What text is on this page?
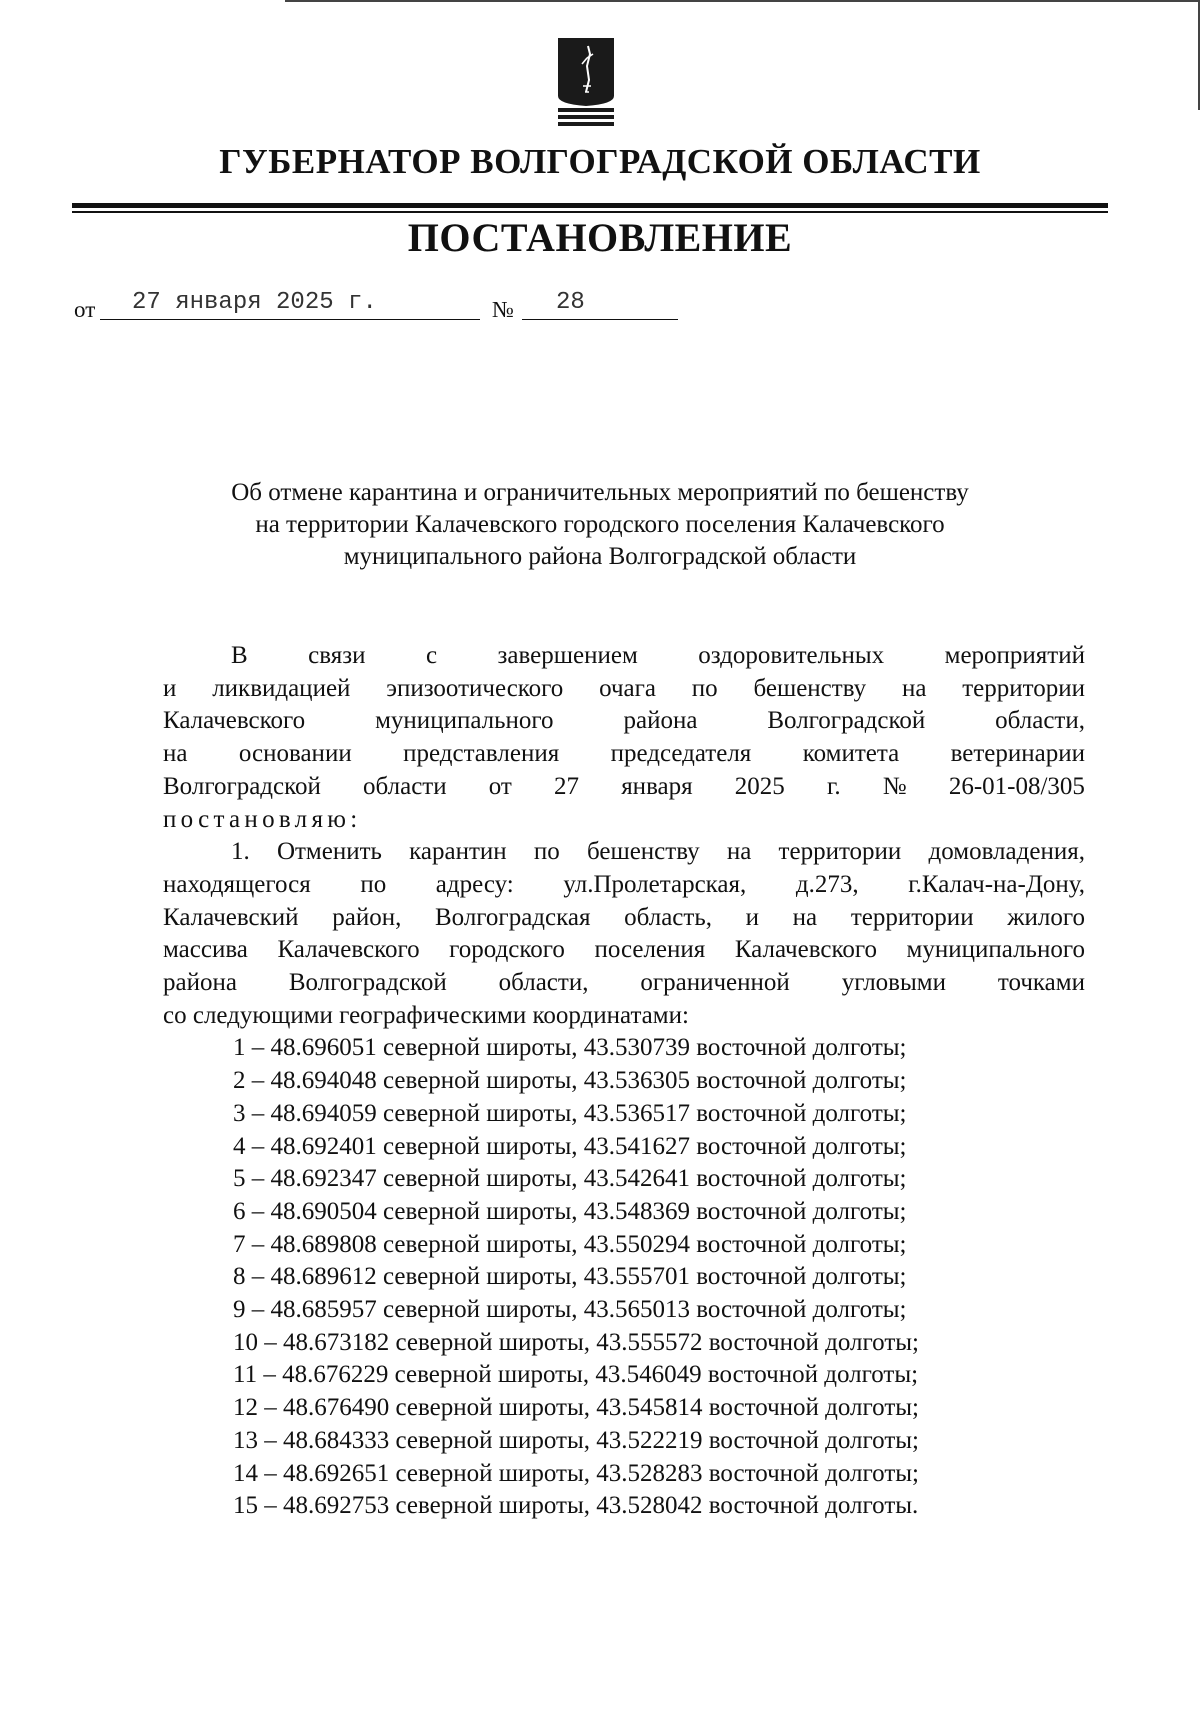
ГУБЕРНАТОР ВОЛГОГРАДСКОЙ ОБЛАСТИ
ПОСТАНОВЛЕНИЕ
от 27 января 2025 г.	№ 28
Об отмене карантина и ограничительных мероприятий по бешенству
на территории Калачевского городского поселения Калачевского
муниципального района Волгоградской области
В связи с завершением оздоровительных мероприятий
и ликвидацией эпизоотического очага по бешенству на территории
Калачевского	муниципального	района	Волгоградской	области,
на основании представления председателя комитета ветеринарии
Волгоградской области от 27 января 2025 г. № 26-01-08/305
постановляю:
1. Отменить карантин по бешенству на территории домовладения,
находящегося по адресу: ул.Пролетарская, д.273, г.Калач-на-Дону,
Калачевский район, Волгоградская область, и на территории жилого
массива Калачевского городского поселения Калачевского муниципального
района Волгоградской области, ограниченной угловыми точками
со следующими географическими координатами:
1 – 48.696051 северной широты, 43.530739 восточной долготы;
2 – 48.694048 северной широты, 43.536305 восточной долготы;
3 – 48.694059 северной широты, 43.536517 восточной долготы;
4 – 48.692401 северной широты, 43.541627 восточной долготы;
5 – 48.692347 северной широты, 43.542641 восточной долготы;
6 – 48.690504 северной широты, 43.548369 восточной долготы;
7 – 48.689808 северной широты, 43.550294 восточной долготы;
8 – 48.689612 северной широты, 43.555701 восточной долготы;
9 – 48.685957 северной широты, 43.565013 восточной долготы;
10 – 48.673182 северной широты, 43.555572 восточной долготы;
11 – 48.676229 северной широты, 43.546049 восточной долготы;
12 – 48.676490 северной широты, 43.545814 восточной долготы;
13 – 48.684333 северной широты, 43.522219 восточной долготы;
14 – 48.692651 северной широты, 43.528283 восточной долготы;
15 – 48.692753 северной широты, 43.528042 восточной долготы.
